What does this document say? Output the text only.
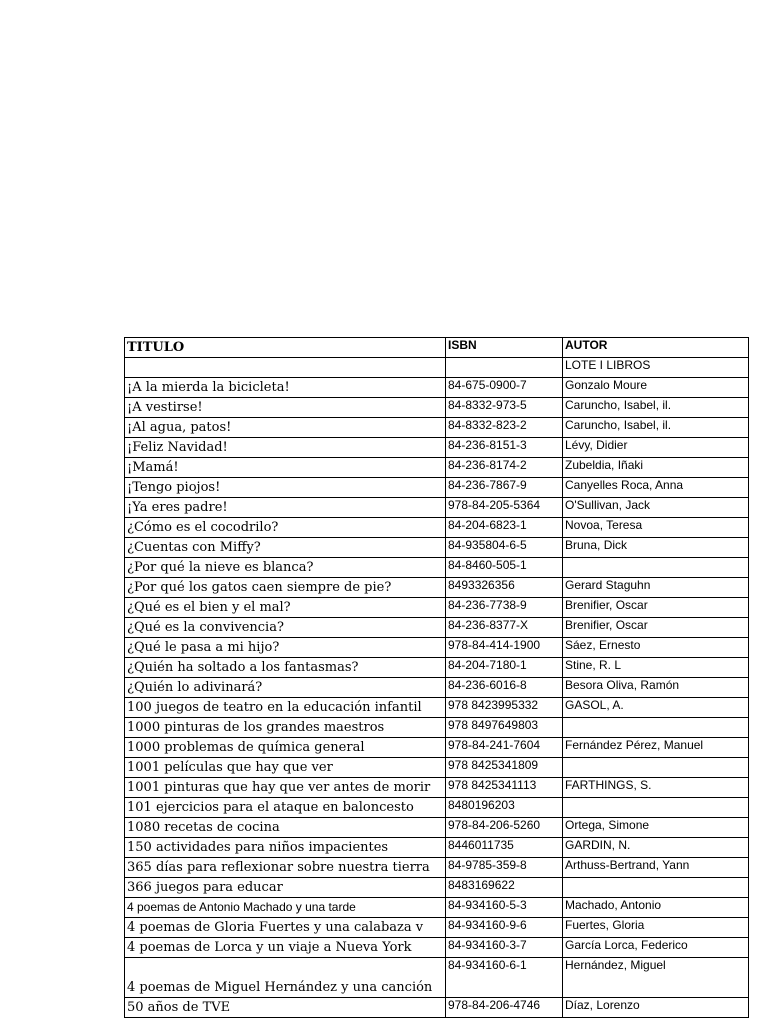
TITULO	ISBN	AUTOR
		LOTE I LIBROS
¡A la mierda la bicicleta!	84-675-0900-7	Gonzalo Moure
¡A vestirse!	84-8332-973-5	Caruncho, Isabel, il.
¡Al agua, patos!	84-8332-823-2	Caruncho, Isabel, il.
¡Feliz Navidad!	84-236-8151-3	Lévy, Didier
¡Mamá!	84-236-8174-2	Zubeldia, Iñaki
¡Tengo piojos!	84-236-7867-9	Canyelles Roca, Anna
¡Ya eres padre!	978-84-205-5364	O'Sullivan, Jack
¿Cómo es el cocodrilo?	84-204-6823-1	Novoa, Teresa
¿Cuentas con Miffy?	84-935804-6-5	Bruna, Dick
¿Por qué la nieve es blanca?	84-8460-505-1	
¿Por qué los gatos caen siempre de pie?	8493326356	Gerard Staguhn
¿Qué es el bien y el mal?	84-236-7738-9	Brenifier, Oscar
¿Qué es la convivencia?	84-236-8377-X	Brenifier, Oscar
¿Qué le pasa a mi hijo?	978-84-414-1900	Sáez, Ernesto
¿Quién ha soltado a los fantasmas?	84-204-7180-1	Stine, R. L
¿Quién lo adivinará?	84-236-6016-8	Besora Oliva, Ramón
100 juegos de teatro en la educación infantil	978 8423995332	GASOL, A.
1000 pinturas de los grandes maestros	978 8497649803	
1000 problemas de química general	978-84-241-7604	Fernández Pérez, Manuel
1001 películas que hay que ver	978 8425341809	
1001 pinturas que hay que ver antes de morir	978 8425341113	FARTHINGS, S.
101 ejercicios para el ataque en baloncesto	8480196203	
1080 recetas de cocina	978-84-206-5260	Ortega, Simone
150 actividades para niños impacientes	8446011735	GARDIN, N.
365 días para reflexionar sobre nuestra tierra	84-9785-359-8	Arthuss-Bertrand, Yann
366 juegos para educar	8483169622	
4 poemas de Antonio Machado y una tarde	84-934160-5-3	Machado, Antonio
4 poemas de Gloria Fuertes y una calabaza v	84-934160-9-6	Fuertes, Gloria
4 poemas de Lorca y un viaje a Nueva York	84-934160-3-7	García Lorca, Federico
4 poemas de Miguel Hernández y una canción	84-934160-6-1	Hernández, Miguel
50 años de TVE	978-84-206-4746	Díaz, Lorenzo
